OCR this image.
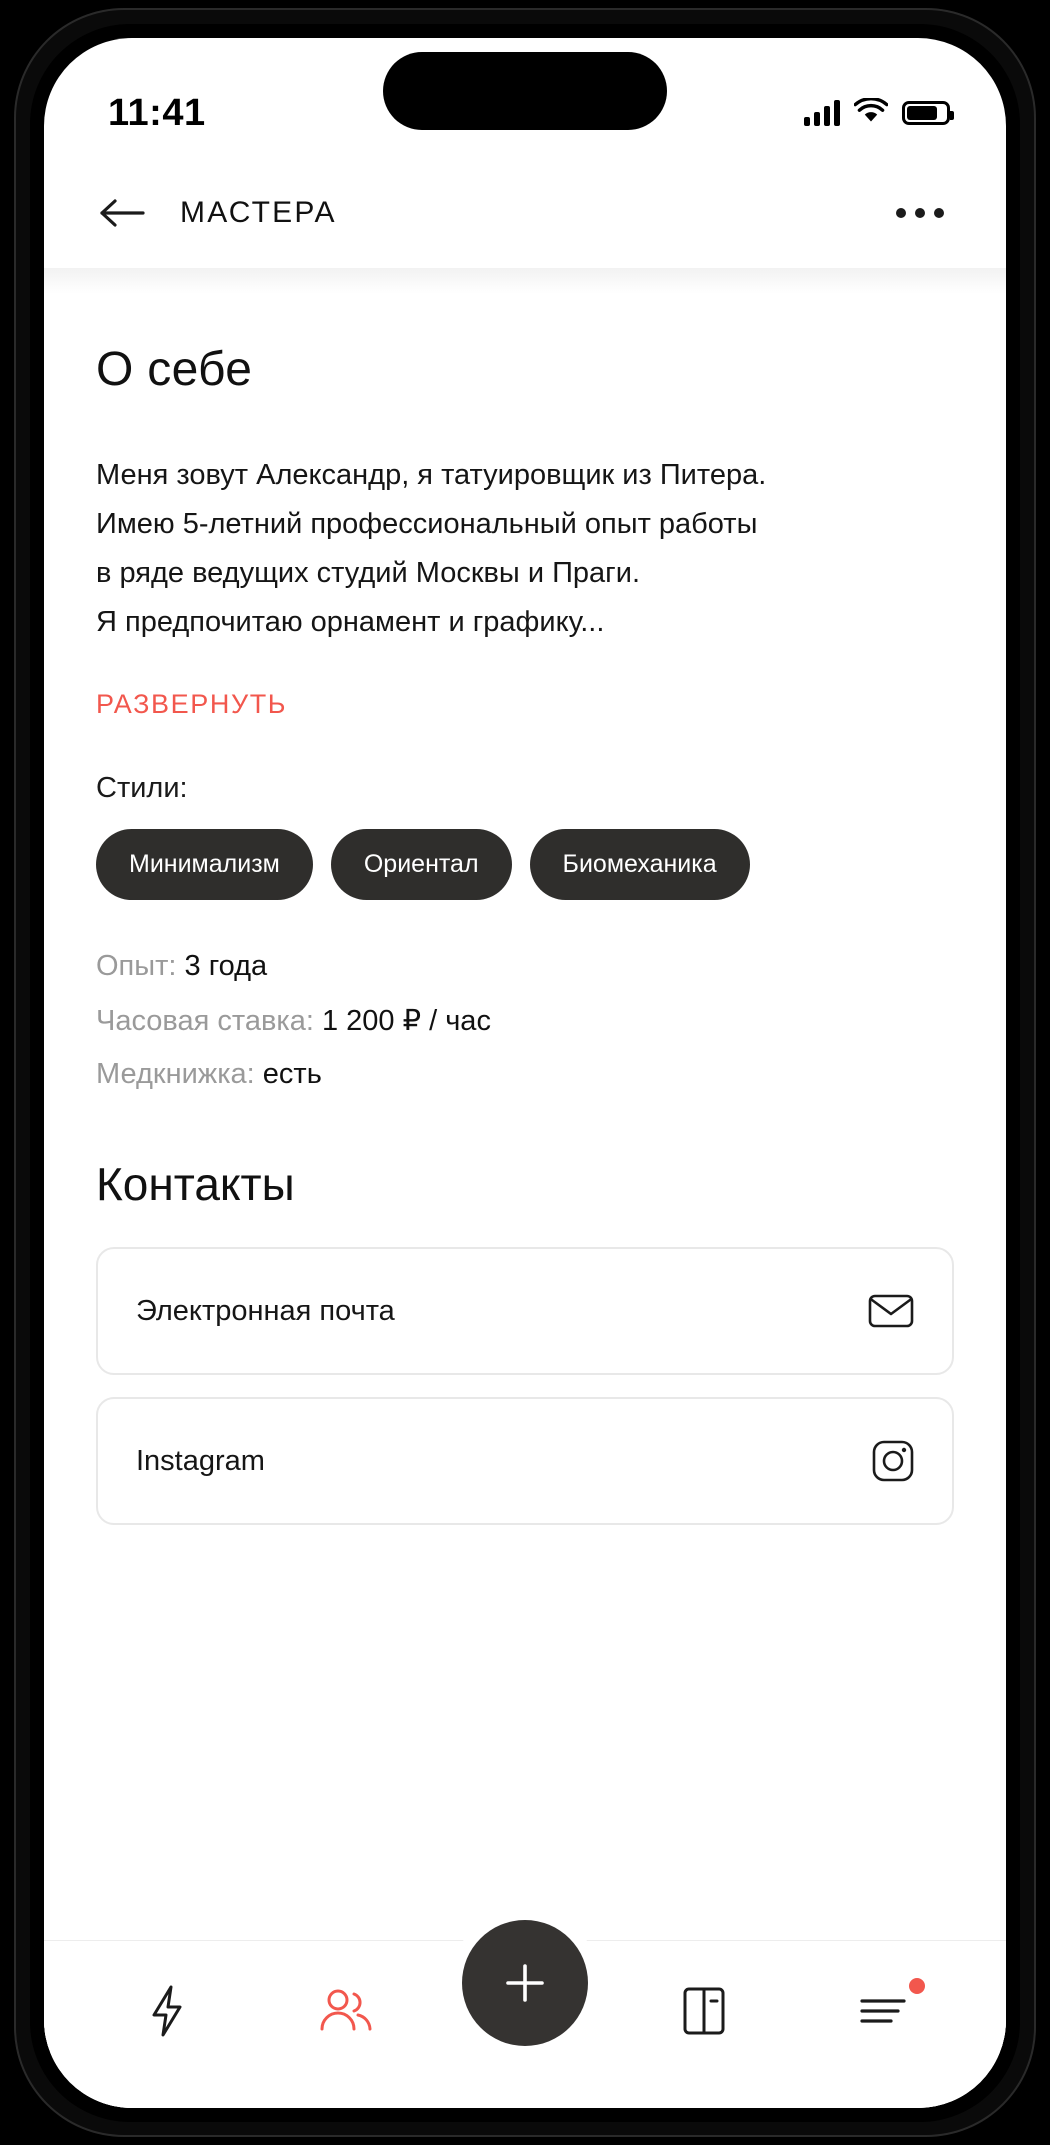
11:41
МАСТЕРА
О себе
Меня зовут Александр, я татуировщик из Питера.
Имею 5-летний профессиональный опыт работы
в ряде ведущих студий Москвы и Праги.
Я предпочитаю орнамент и графику...
РАЗВЕРНУТЬ
Стили:
Минимализм	Ориентал	Биомеханика
Опыт: 3 года
Часовая ставка: 1 200 ₽ / час
Медкнижка: есть
Контакты
Электронная почта
Instagram
